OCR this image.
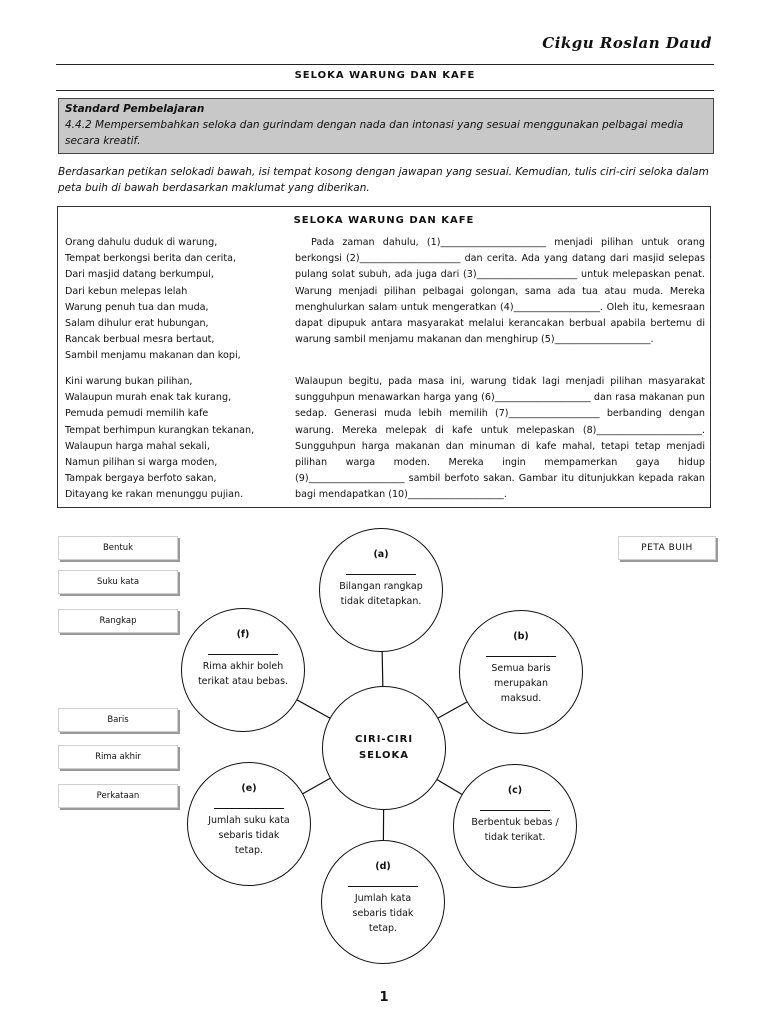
Cikgu Roslan Daud
SELOKA WARUNG DAN KAFE
Standard Pembelajaran
4.4.2 Mempersembahkan seloka dan gurindam dengan nada dan intonasi yang sesuai menggunakan pelbagai media secara kreatif.
Berdasarkan petikan selokadi bawah, isi tempat kosong dengan jawapan yang sesuai. Kemudian, tulis ciri-ciri seloka dalam peta buih di bawah berdasarkan maklumat yang diberikan.
SELOKA WARUNG DAN KAFE
Orang dahulu duduk di warung,
Tempat berkongsi berita dan cerita,
Dari masjid datang berkumpul,
Dari kebun melepas lelah
Warung penuh tua dan muda,
Salam dihulur erat hubungan,
Rancak berbual mesra bertaut,
Sambil menjamu makanan dan kopi,
Kini warung bukan pilihan,
Walaupun murah enak tak kurang,
Pemuda pemudi memilih kafe
Tempat berhimpun kurangkan tekanan,
Walaupun harga mahal sekali,
Namun pilihan si warga moden,
Tampak bergaya berfoto sakan,
Ditayang ke rakan menunggu pujian.
Pada zaman dahulu, (1)______________________ menjadi pilihan untuk orang berkongsi (2)_____________________ dan cerita. Ada yang datang dari masjid selepas pulang solat subuh, ada juga dari (3)_____________________ untuk melepaskan penat. Warung menjadi pilihan pelbagai golongan, sama ada tua atau muda. Mereka menghulurkan salam untuk mengeratkan (4)__________________. Oleh itu, kemesraan dapat dipupuk antara masyarakat melalui kerancakan berbual apabila bertemu di warung sambil menjamu makanan dan menghirup (5)____________________.
Walaupun begitu, pada masa ini, warung tidak lagi menjadi pilihan masyarakat sungguhpun menawarkan harga yang (6)____________________ dan rasa makanan pun sedap. Generasi muda lebih memilih (7)___________________ berbanding dengan warung. Mereka melepak di kafe untuk melepaskan (8)______________________. Sungguhpun harga makanan dan minuman di kafe mahal, tetapi tetap menjadi pilihan warga moden. Mereka ingin mempamerkan gaya hidup (9)____________________ sambil berfoto sakan. Gambar itu ditunjukkan kepada rakan bagi mendapatkan (10)____________________.
Bentuk
Suku kata
Rangkap
Baris
Rima akhir
Perkataan
PETA BUIH
CIRI-CIRI
SELOKA
(a)
Bilangan rangkap tidak ditetapkan.
(b)
Semua baris merupakan maksud.
(c)
Berbentuk bebas / tidak terikat.
(d)
Jumlah kata sebaris tidak tetap.
(e)
Jumlah suku kata sebaris tidak tetap.
(f)
Rima akhir boleh terikat atau bebas.
1
